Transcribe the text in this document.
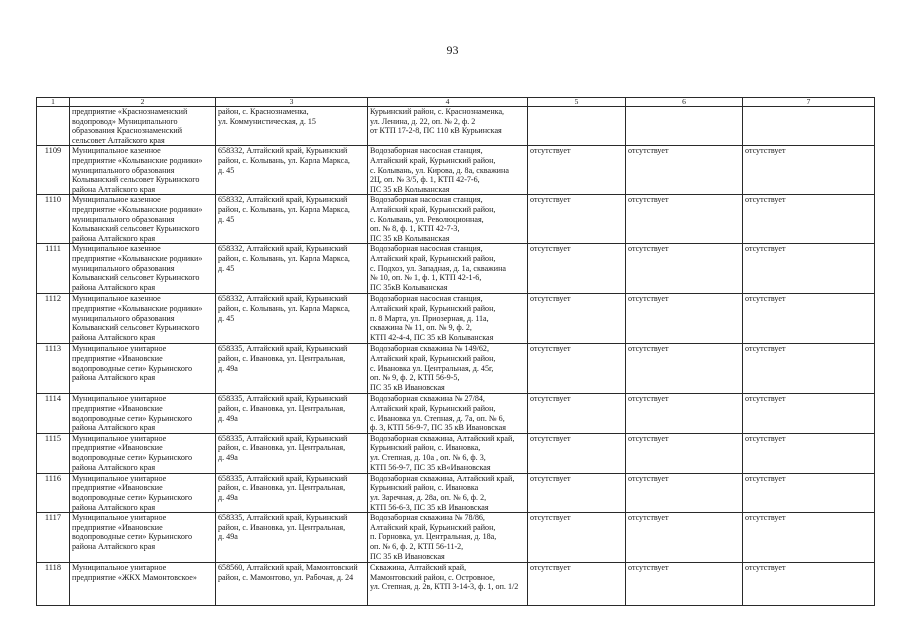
93
1	2	3	4	5	6	7

	предприятие «Краснознаменский
водопровод» Муниципального
образования Краснознаменский
сельсовет Алтайского края	район, с. Краснознаменка,
ул. Коммунистическая, д. 15	Курьинский район, с. Краснознаменка,
ул. Ленина, д. 22, оп. № 2, ф. 2
от КТП 17-2-8, ПС 110 кВ Курьинская			

1109	Муниципальное казенное
предприятие «Колыванские родники»
муниципального образования
Колыванский сельсовет Курьинского
района Алтайского края	658332, Алтайский край, Курьинский
район, с. Колывань, ул. Карла Маркса,
д. 45	Водозаборная насосная станция,
Алтайский край, Курьинский район,
с. Колывань, ул. Кирова, д. 8а, скважина
2Ц, оп. № 3/5, ф. 1, КТП 42-7-6,
ПС 35 кВ Колыванская	отсутствует	отсутствует	отсутствует
1110	Муниципальное казенное
предприятие «Колыванские родники»
муниципального образования
Колыванский сельсовет Курьинского
района Алтайского края	658332, Алтайский край, Курьинский
район, с. Колывань, ул. Карла Маркса,
д. 45	Водозаборная насосная станция,
Алтайский край, Курьинский район,
с. Колывань, ул. Революционная,
оп. № 8, ф. 1, КТП 42-7-3,
ПС 35 кВ Колыванская	отсутствует	отсутствует	отсутствует
1111	Муниципальное казенное
предприятие «Колыванские родники»
муниципального образования
Колыванский сельсовет Курьинского
района Алтайского края	658332, Алтайский край, Курьинский
район, с. Колывань, ул. Карла Маркса,
д. 45	Водозаборная насосная станция,
Алтайский край, Курьинский район,
с. Подхоз, ул. Западная, д. 1а, скважина
№ 10, оп. № 1, ф. 1, КТП 42-1-6,
ПС 35кВ Колыванская	отсутствует	отсутствует	отсутствует
1112	Муниципальное казенное
предприятие «Колыванские родники»
муниципального образования
Колыванский сельсовет Курьинского
района Алтайского края	658332, Алтайский край, Курьинский
район, с. Колывань, ул. Карла Маркса,
д. 45	Водозаборная насосная станция,
Алтайский край, Курьинский район,
п. 8 Марта, ул. Приозерная, д. 11а,
скважина № 11, оп. № 9, ф. 2,
КТП 42-4-4, ПС 35 кВ Колыванская	отсутствует	отсутствует	отсутствует
1113	Муниципальное унитарное
предприятие «Ивановские
водопроводные сети» Курьинского
района Алтайского края	658335, Алтайский край, Курьинский
район, с. Ивановка, ул. Центральная,
д. 49а	Водозаборная скважина № 149/62,
Алтайский край, Курьинский район,
с. Ивановка ул. Центральная, д. 45г,
оп. № 9, ф. 2, КТП 56-9-5,
ПС 35 кВ Ивановская	отсутствует	отсутствует	отсутствует
1114	Муниципальное унитарное
предприятие «Ивановские
водопроводные сети» Курьинского
района Алтайского края	658335, Алтайский край, Курьинский
район, с. Ивановка, ул. Центральная,
д. 49а	Водозаборная скважина № 27/84,
Алтайский край, Курьинский район,
с. Ивановка ул. Степная, д. 7а, оп. № 6,
ф. 3, КТП 56-9-7, ПС 35 кВ Ивановская	отсутствует	отсутствует	отсутствует
1115	Муниципальное унитарное
предприятие «Ивановские
водопроводные сети» Курьинского
района Алтайского края	658335, Алтайский край, Курьинский
район, с. Ивановка, ул. Центральная,
д. 49а	Водозаборная скважина, Алтайский край,
Курьинский район, с. Ивановка,
ул. Степная, д. 10а , оп. № 6, ф. 3,
КТП 56-9-7, ПС 35 кВ«Ивановская	отсутствует	отсутствует	отсутствует
1116	Муниципальное унитарное
предприятие «Ивановские
водопроводные сети» Курьинского
района Алтайского края	658335, Алтайский край, Курьинский
район, с. Ивановка, ул. Центральная,
д. 49а	Водозаборная скважина, Алтайский край,
Курьинский район, с. Ивановка
ул. Заречная, д. 28а, оп. № 6, ф. 2,
КТП 56-6-3, ПС 35 кВ Ивановская	отсутствует	отсутствует	отсутствует
1117	Муниципальное унитарное
предприятие «Ивановские
водопроводные сети» Курьинского
района Алтайского края	658335, Алтайский край, Курьинский
район, с. Ивановка, ул. Центральная,
д. 49а	Водозаборная скважина № 78/86,
Алтайский край, Курьинский район,
п. Горновка, ул. Центральная, д. 18а,
оп. № 6, ф. 2, КТП 56-11-2,
ПС 35 кВ Ивановская	отсутствует	отсутствует	отсутствует
1118	Муниципальное унитарное
предприятие «ЖКХ Мамонтовское»	658560, Алтайский край, Мамонтовский
район, с. Мамонтово, ул. Рабочая, д. 24	Скважина, Алтайский край,
Мамонтовский район, с. Островное,
ул. Степная, д. 2в, КТП 3-14-3, ф. 1, оп. 1/2	отсутствует	отсутствует	отсутствует
